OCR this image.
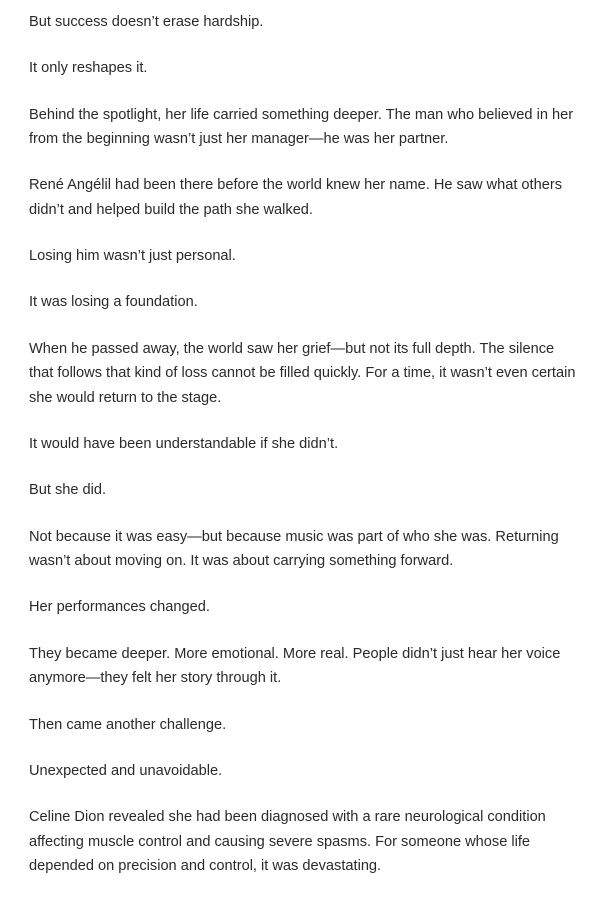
But success doesn’t erase hardship.

It only reshapes it.

Behind the spotlight, her life carried something deeper. The man who believed in her from the beginning wasn’t just her manager—he was her partner.

René Angélil had been there before the world knew her name. He saw what others didn’t and helped build the path she walked.

Losing him wasn’t just personal.

It was losing a foundation.

When he passed away, the world saw her grief—but not its full depth. The silence that follows that kind of loss cannot be filled quickly. For a time, it wasn’t even certain she would return to the stage.

It would have been understandable if she didn’t.

But she did.

Not because it was easy—but because music was part of who she was. Returning wasn’t about moving on. It was about carrying something forward.

Her performances changed.

They became deeper. More emotional. More real. People didn’t just hear her voice anymore—they felt her story through it.

Then came another challenge.

Unexpected and unavoidable.

Celine Dion revealed she had been diagnosed with a rare neurological condition affecting muscle control and causing severe spasms. For someone whose life depended on precision and control, it was devastating.
